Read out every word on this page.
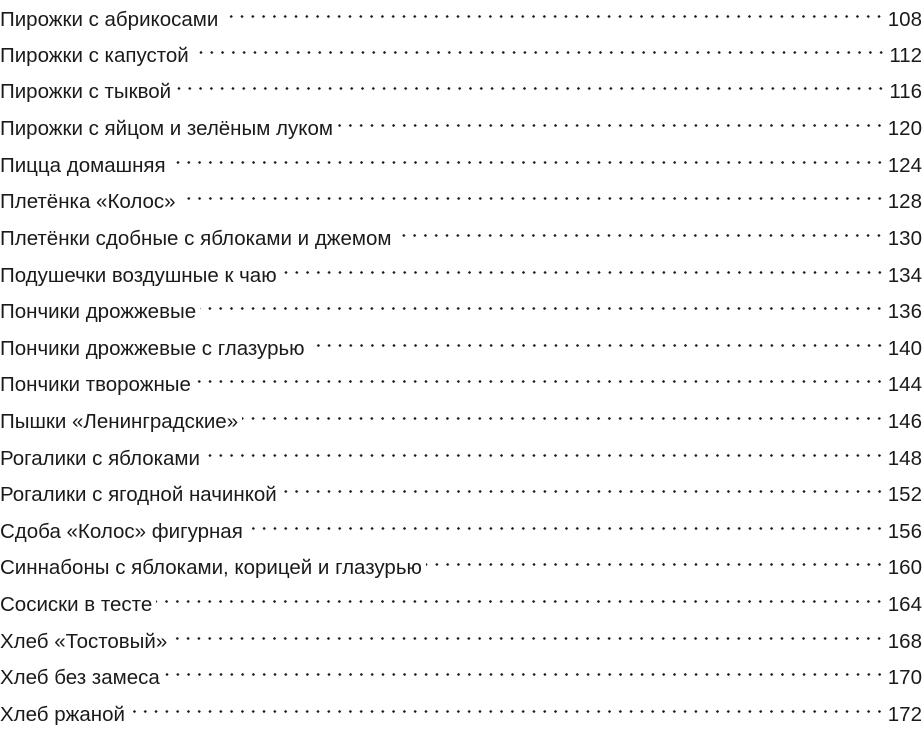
Пирожки с абрикосами	108
Пирожки с капустой	112
Пирожки с тыквой	116
Пирожки с яйцом и зелёным луком	120
Пицца домашняя	124
Плетёнка «Колос»	128
Плетёнки сдобные с яблоками и джемом	130
Подушечки воздушные к чаю	134
Пончики дрожжевые	136
Пончики дрожжевые с глазурью	140
Пончики творожные	144
Пышки «Ленинградские»	146
Рогалики с яблоками	148
Рогалики с ягодной начинкой	152
Сдоба «Колос» фигурная	156
Синнабоны с яблоками, корицей и глазурью	160
Сосиски в тесте	164
Хлеб «Тостовый»	168
Хлеб без замеса	170
Хлеб ржаной	172
